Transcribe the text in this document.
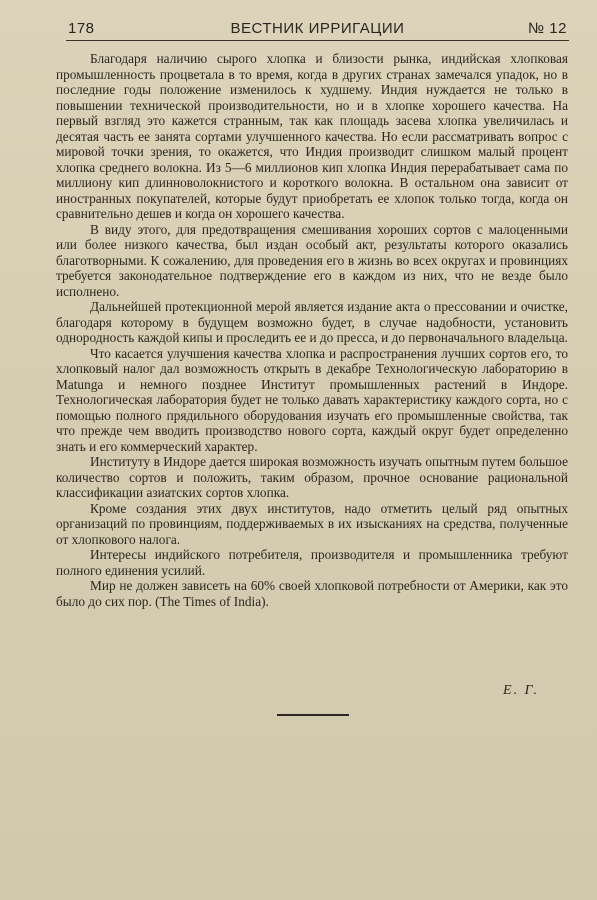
178	ВЕСТНИК ИРРИГАЦИИ	№ 12

Благодаря наличию сырого хлопка и близости рынка, индийская хлопковая промышленность процветала в то время, когда в других странах замечался упадок, но в последние годы положение изменилось к худшему. Индия нуждается не только в повышении технической производительности, но и в хлопке хорошего качества. На первый взгляд это кажется странным, так как площадь засева хлопка увеличилась и десятая часть ее занята сортами улучшенного качества. Но если рассматривать вопрос с мировой точки зрения, то окажется, что Индия производит слишком малый процент хлопка среднего волокна. Из 5—6 миллионов кип хлопка Индия перерабатывает сама по миллиону кип длинноволокнистого и короткого волокна. В остальном она зависит от иностранных покупателей, которые будут приобретать ее хлопок только тогда, когда он сравнительно дешев и когда он хорошего качества.

В виду этого, для предотвращения смешивания хороших сортов с малоценными или более низкого качества, был издан особый акт, результаты которого оказались благотворными. К сожалению, для проведения его в жизнь во всех округах и провинциях требуется законодательное подтверждение его в каждом из них, что не везде было исполнено.

Дальнейшей протекционной мерой является издание акта о прессовании и очистке, благодаря которому в будущем возможно будет, в случае надобности, установить однородность каждой кипы и проследить ее и до пресса, и до первоначального владельца.

Что касается улучшения качества хлопка и распространения лучших сортов его, то хлопковый налог дал возможность открыть в декабре Технологическую лабораторию в Matunga и немного позднее Институт промышленных растений в Индоре. Технологическая лаборатория будет не только давать характеристику каждого сорта, но с помощью полного прядильного оборудования изучать его промышленные свойства, так что прежде чем вводить производство нового сорта, каждый округ будет определенно знать и его коммерческий характер.

Институту в Индоре дается широкая возможность изучать опытным путем большое количество сортов и положить, таким образом, прочное основание рациональной классификации азиатских сортов хлопка.

Кроме создания этих двух институтов, надо отметить целый ряд опытных организаций по провинциям, поддерживаемых в их изысканиях на средства, полученные от хлопкового налога.

Интересы индийского потребителя, производителя и промышленника требуют полного единения усилий.

Мир не должен зависеть на 60% своей хлопковой потребности от Америки, как это было до сих пор. (The Times of India).

Е. Г.
